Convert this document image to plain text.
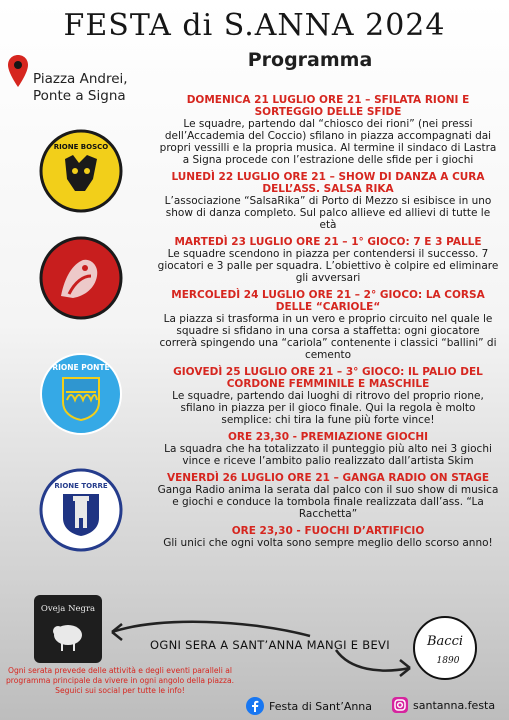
FESTA di S.ANNA 2024
Programma
Piazza Andrei,
Ponte a Signa
RIONE BOSCO
RIONE PONTE
RIONE TORRE
DOMENICA 21 LUGLIO ORE 21 – SFILATA RIONI E SORTEGGIO DELLE SFIDE
Le squadre, partendo dal “chiosco dei rioni” (nei pressi dell’Accademia del Coccio) sfilano in piazza accompagnati dai propri vessilli e la propria musica. Al termine il sindaco di Lastra a Signa procede con l’estrazione delle sfide per i giochi
LUNEDÌ 22 LUGLIO ORE 21 – SHOW DI DANZA A CURA DELL’ASS. SALSA RIKA
L’associazione “SalsaRika” di Porto di Mezzo si esibisce in uno show di danza completo. Sul palco allieve ed allievi di tutte le età
MARTEDÌ 23 LUGLIO ORE 21 – 1° GIOCO: 7 E 3 PALLE
Le squadre scendono in piazza per contendersi il successo. 7 giocatori e 3 palle per squadra. L’obiettivo è colpire ed eliminare gli avversari
MERCOLEDÌ 24 LUGLIO ORE 21 – 2° GIOCO: LA CORSA DELLE “CARIOLE“
La piazza si trasforma in un vero e proprio circuito nel quale le squadre si sfidano in una corsa a staffetta: ogni giocatore correrà spingendo una “cariola” contenente i classici “ballini” di cemento
GIOVEDÌ 25 LUGLIO ORE 21 – 3° GIOCO: IL PALIO DEL CORDONE FEMMINILE E MASCHILE
Le squadre, partendo dai luoghi di ritrovo del proprio rione, sfilano in piazza per il gioco finale. Qui la regola è molto semplice: chi tira la fune più forte vince!
ORE 23,30 - PREMIAZIONE GIOCHI
La squadra che ha totalizzato il punteggio più alto nei 3 giochi vince e riceve l’ambito palio realizzato dall’artista Skim
VENERDÌ 26 LUGLIO ORE 21 – GANGA RADIO ON STAGE
Ganga Radio anima la serata dal palco con il suo show di musica e giochi e conduce la tombola finale realizzata dall’ass. “La Racchetta”
ORE 23,30 - FUOCHI D’ARTIFICIO
Gli unici che ogni volta sono sempre meglio dello scorso anno!
OGNI SERA A SANT’ANNA MANGI E BEVI
Oveja Negra
Bacci
1890
Ogni serata prevede delle attività e degli eventi paralleli al programma principale da vivere in ogni angolo della piazza. Seguici sui social per tutte le info!
Festa di Sant’Anna	santanna.festa
